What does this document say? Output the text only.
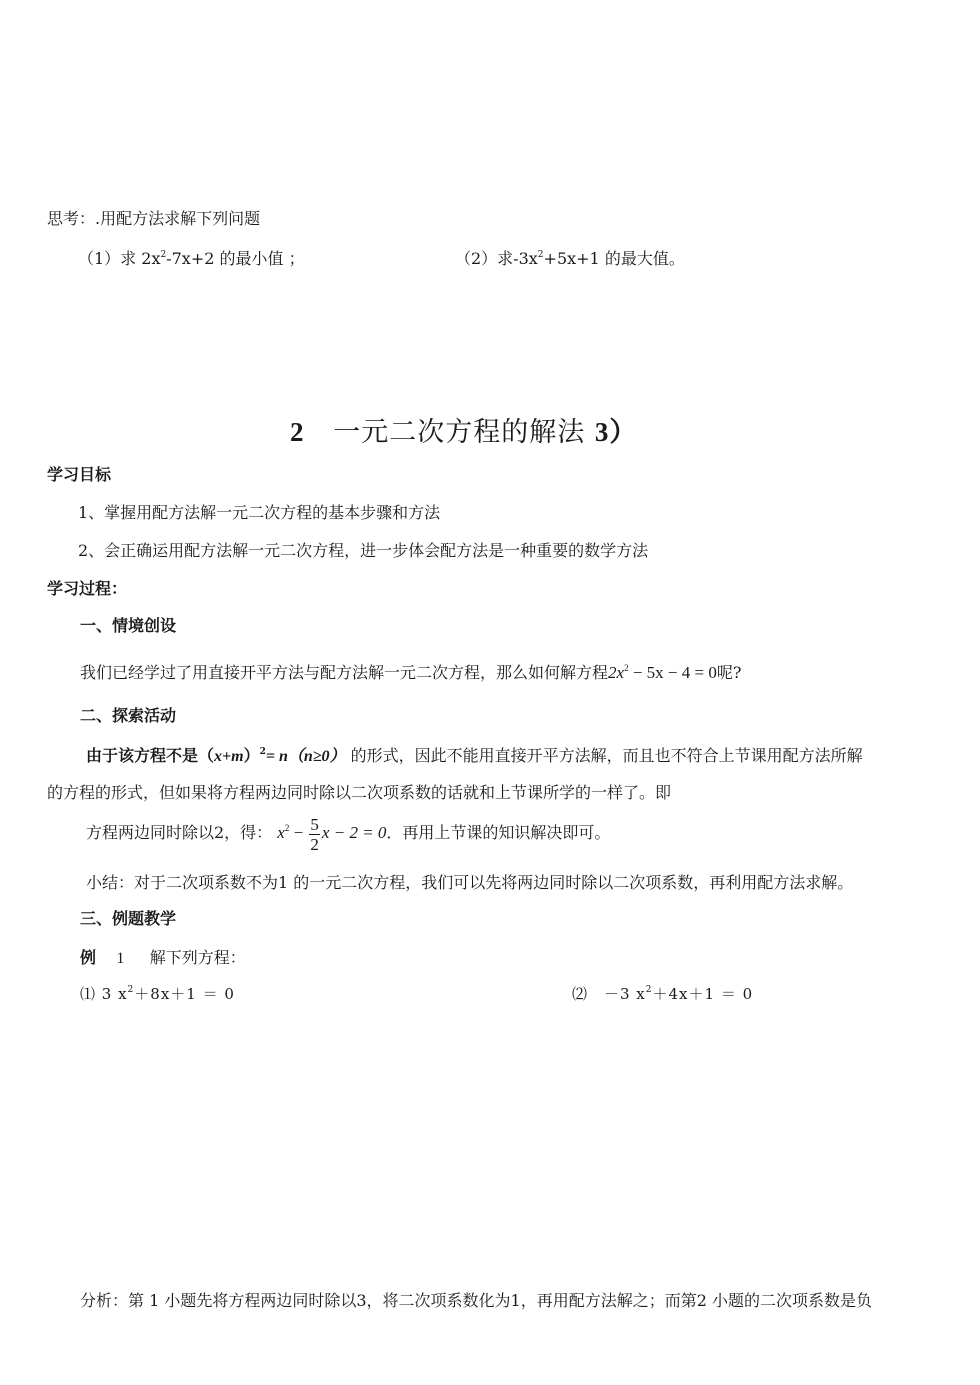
思考：.用配方法求解下列问题
（1）求 $2x^2-7x+2$ 的最小值 ；	（2）求$-3x^2+5x+1$ 的最大值。
2 一元二次方程的解法 3）
学习目标
1、掌握用配方法解一元二次方程的基本步骤和方法
2、会正确运用配方法解一元二次方程，进一步体会配方法是一种重要的数学方法
学习过程：
一、情境创设
我们已经学过了用直接开平方法与配方法解一元二次方程，那么如何解方程$2x^2 - 5x - 4 = 0$呢?
二、探索活动
由于该方程不是$(x+m)^2= n(n\ge 0)$ 的形式，因此不能用直接开平方法解，而且也不符合上节课用配方法所解
的方程的形式，但如果将方程两边同时除以二次项系数的话就和上节课所学的一样了。即
方程两边同时除以2，得： $x^2 - \frac{5}{2}$ x − 2 = 0．再用上节课的知识解决即可。
小结：对于二次项系数不为1 的一元二次方程，我们可以先将两边同时除以二次项系数，再利用配方法求解。
三、例题教学
例 1 解下列方程：
⑴ 3 $x^2+8x+1 = 0$	⑵　－3 $x^2+4x+1 = 0$
分析：第 1 小题先将方程两边同时除以3，将二次项系数化为1，再用配方法解之；而第2 小题的二次项系数是负
